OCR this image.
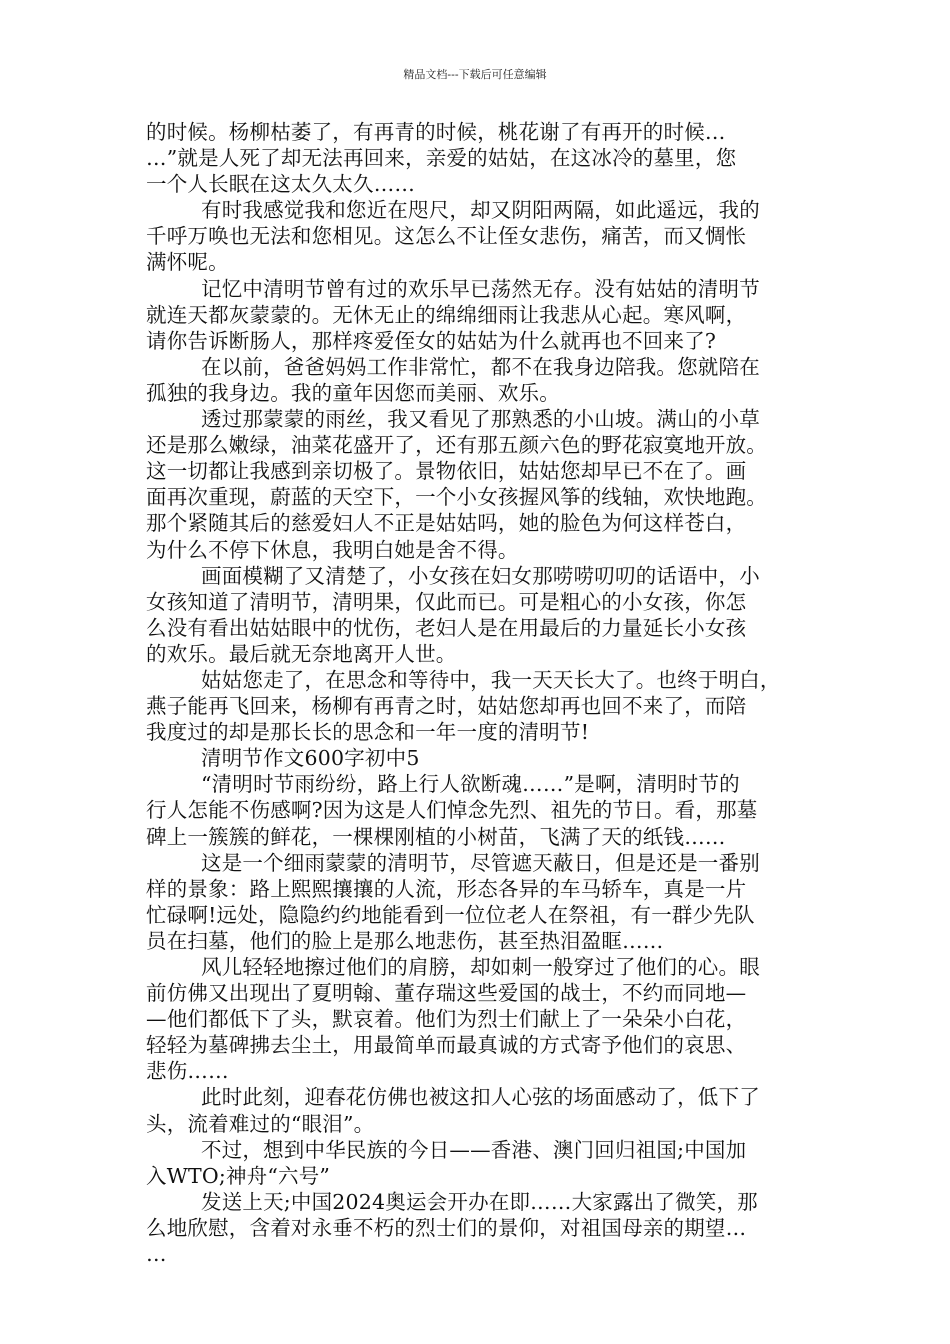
精品文档---下载后可任意编辑
的时候。杨柳枯萎了，有再青的时候，桃花谢了有再开的时候…
…”就是人死了却无法再回来，亲爱的姑姑，在这冰冷的墓里，您
一个人长眠在这太久太久……
有时我感觉我和您近在咫尺，却又阴阳两隔，如此遥远，我的
千呼万唤也无法和您相见。这怎么不让侄女悲伤，痛苦，而又惆怅
满怀呢。
记忆中清明节曾有过的欢乐早已荡然无存。没有姑姑的清明节
就连天都灰蒙蒙的。无休无止的绵绵细雨让我悲从心起。寒风啊，
请你告诉断肠人，那样疼爱侄女的姑姑为什么就再也不回来了?
在以前，爸爸妈妈工作非常忙，都不在我身边陪我。您就陪在
孤独的我身边。我的童年因您而美丽、欢乐。
透过那蒙蒙的雨丝，我又看见了那熟悉的小山坡。满山的小草
还是那么嫩绿，油菜花盛开了，还有那五颜六色的野花寂寞地开放。
这一切都让我感到亲切极了。景物依旧，姑姑您却早已不在了。画
面再次重现，蔚蓝的天空下，一个小女孩握风筝的线轴，欢快地跑。
那个紧随其后的慈爱妇人不正是姑姑吗，她的脸色为何这样苍白，
为什么不停下休息，我明白她是舍不得。
画面模糊了又清楚了，小女孩在妇女那唠唠叨叨的话语中，小
女孩知道了清明节，清明果，仅此而已。可是粗心的小女孩，你怎
么没有看出姑姑眼中的忧伤，老妇人是在用最后的力量延长小女孩
的欢乐。最后就无奈地离开人世。
姑姑您走了，在思念和等待中，我一天天长大了。也终于明白，
燕子能再飞回来，杨柳有再青之时，姑姑您却再也回不来了，而陪
我度过的却是那长长的思念和一年一度的清明节!
清明节作文600字初中5
“清明时节雨纷纷，路上行人欲断魂……”是啊，清明时节的
行人怎能不伤感啊?因为这是人们悼念先烈、祖先的节日。看，那墓
碑上一簇簇的鲜花，一棵棵刚植的小树苗，飞满了天的纸钱……
这是一个细雨蒙蒙的清明节，尽管遮天蔽日，但是还是一番别
样的景象：路上熙熙攘攘的人流，形态各异的车马轿车，真是一片
忙碌啊!远处，隐隐约约地能看到一位位老人在祭祖，有一群少先队
员在扫墓，他们的脸上是那么地悲伤，甚至热泪盈眶……
风儿轻轻地擦过他们的肩膀，却如刺一般穿过了他们的心。眼
前仿佛又出现出了夏明翰、董存瑞这些爱国的战士，不约而同地—
—他们都低下了头，默哀着。他们为烈士们献上了一朵朵小白花，
轻轻为墓碑拂去尘土，用最简单而最真诚的方式寄予他们的哀思、
悲伤……
此时此刻，迎春花仿佛也被这扣人心弦的场面感动了，低下了
头，流着难过的“眼泪”。
不过，想到中华民族的今日——香港、澳门回归祖国;中国加
入WTO;神舟“六号”
发送上天;中国2024奥运会开办在即……大家露出了微笑，那
么地欣慰，含着对永垂不朽的烈士们的景仰，对祖国母亲的期望…
…
